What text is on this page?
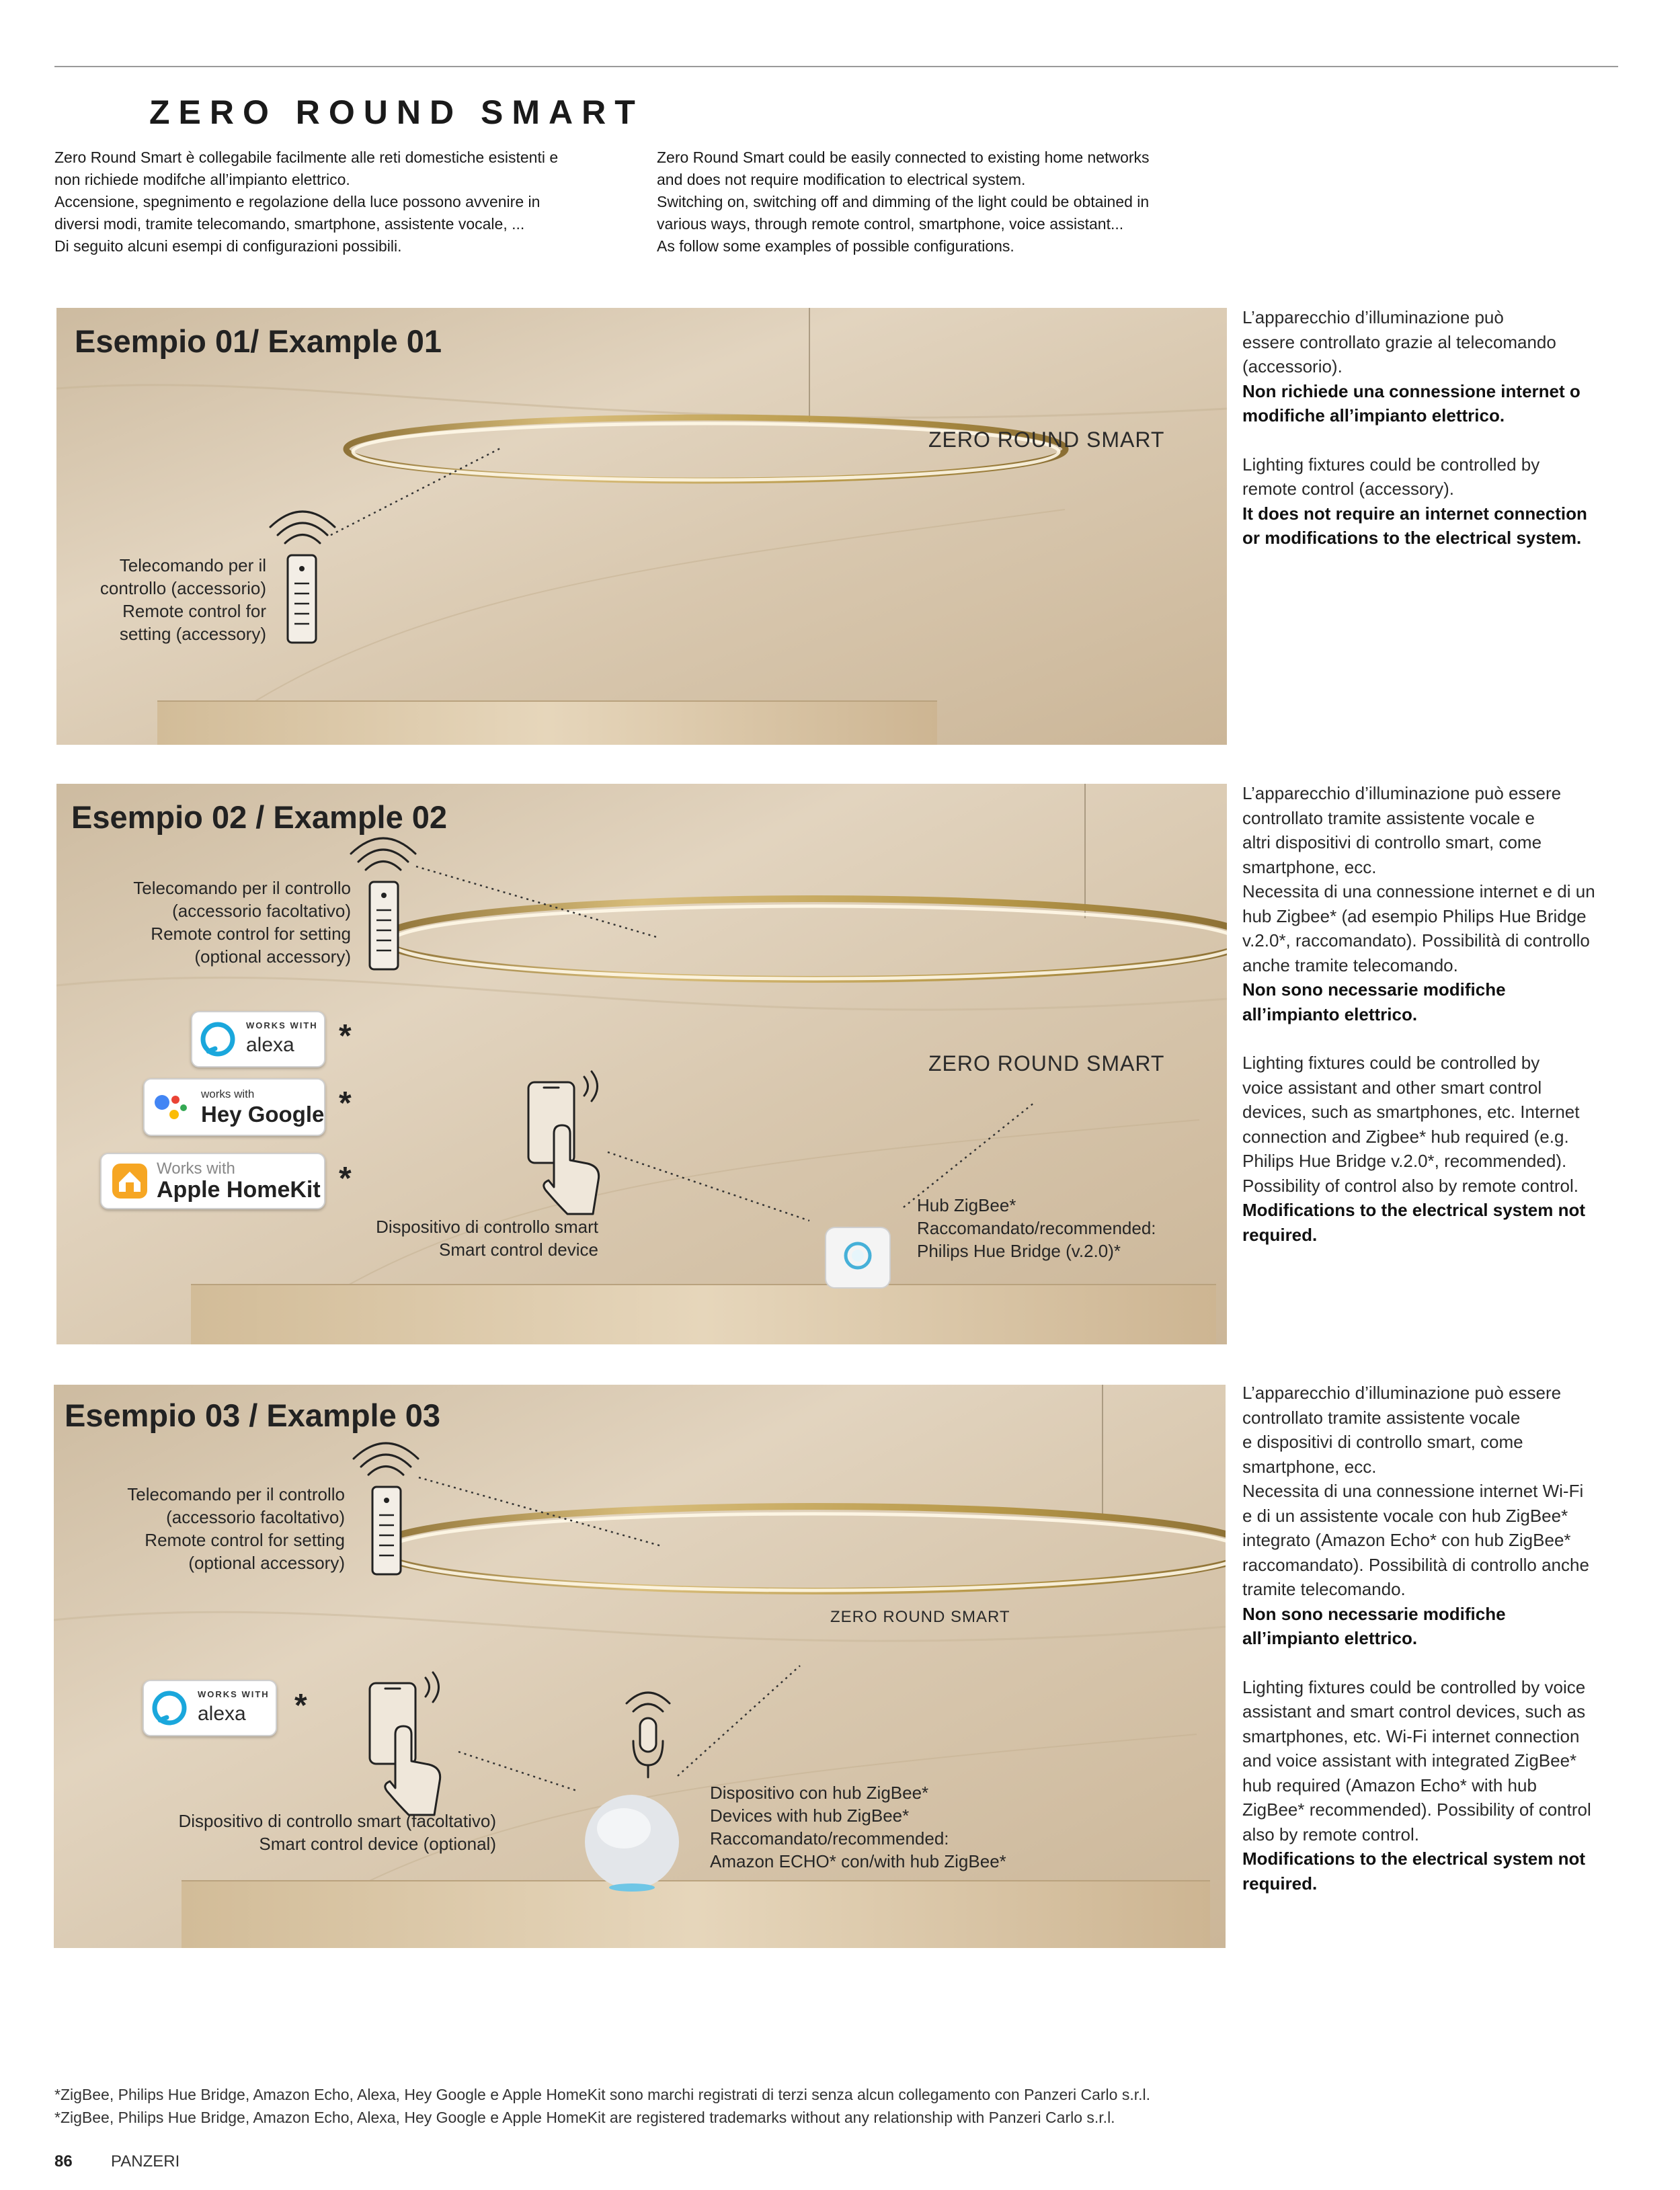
ZERO ROUND SMART
Zero Round Smart è collegabile facilmente alle reti domestiche esistenti e
non richiede modifche all’impianto elettrico.
Accensione, spegnimento e regolazione della luce possono avvenire in
diversi modi, tramite telecomando, smartphone, assistente vocale, ...
Di seguito alcuni esempi di configurazioni possibili.
Zero Round Smart could be easily connected to existing home networks
and does not require modification to electrical system.
Switching on, switching off and dimming of the light could be obtained in
various ways, through remote control, smartphone, voice assistant...
As follow some examples of possible configurations.
Esempio 01/ Example 01
ZERO ROUND SMART
Telecomando per il
controllo (accessorio)
Remote control for
setting (accessory)

L’apparecchio d’illuminazione può
essere controllato grazie al telecomando
(accessorio).

Non richiede una connessione internet o
modifiche all’impianto elettrico.

Lighting fixtures could be controlled by
remote control (accessory).

It does not require an internet connection
or modifications to the electrical system.

Esempio 02 / Example 02
ZERO ROUND SMART
Telecomando per il controllo
(accessorio facoltativo)
Remote control for setting
(optional accessory)
Dispositivo di controllo smart
Smart control device
Hub ZigBee*
Raccomandato/recommended:
Philips Hue Bridge (v.2.0)*
WORKS WITH
alexa *
works with
Hey Google *
Works with
Apple HomeKit *

L’apparecchio d’illuminazione può essere
controllato tramite assistente vocale e
altri dispositivi di controllo smart, come
smartphone, ecc.
Necessita di una connessione internet e di un
hub Zigbee* (ad esempio Philips Hue Bridge
v.2.0*, raccomandato). Possibilità di controllo
anche tramite telecomando.

Non sono necessarie modifiche
all’impianto elettrico.

Lighting fixtures could be controlled by
voice assistant and other smart control
devices, such as smartphones, etc. Internet
connection and Zigbee* hub required (e.g.
Philips Hue Bridge v.2.0*, recommended).
Possibility of control also by remote control.

Modifications to the electrical system not
required.

Esempio 03 / Example 03
ZERO ROUND SMART
Telecomando per il controllo
(accessorio facoltativo)
Remote control for setting
(optional accessory)
Dispositivo di controllo smart (facoltativo)
Smart control device (optional)
Dispositivo con hub ZigBee*
Devices with hub ZigBee*
Raccomandato/recommended:
Amazon ECHO* con/with hub ZigBee*
WORKS WITH
alexa *

L’apparecchio d’illuminazione può essere
controllato tramite assistente vocale
e dispositivi di controllo smart, come
smartphone, ecc.
Necessita di una connessione internet Wi-Fi
e di un assistente vocale con hub ZigBee*
integrato (Amazon Echo* con hub ZigBee*
raccomandato). Possibilità di controllo anche
tramite telecomando.

Non sono necessarie modifiche
all’impianto elettrico.

Lighting fixtures could be controlled by voice
assistant and smart control devices, such as
smartphones, etc. Wi-Fi internet connection
and voice assistant with integrated ZigBee*
hub required (Amazon Echo* with hub
ZigBee* recommended). Possibility of control
also by remote control.

Modifications to the electrical system not
required.

*ZigBee, Philips Hue Bridge, Amazon Echo, Alexa, Hey Google e Apple HomeKit sono marchi registrati di terzi senza alcun collegamento con Panzeri Carlo s.r.l.
*ZigBee, Philips Hue Bridge, Amazon Echo, Alexa, Hey Google e Apple HomeKit are registered trademarks without any relationship with Panzeri Carlo s.r.l.
86 PANZERI
